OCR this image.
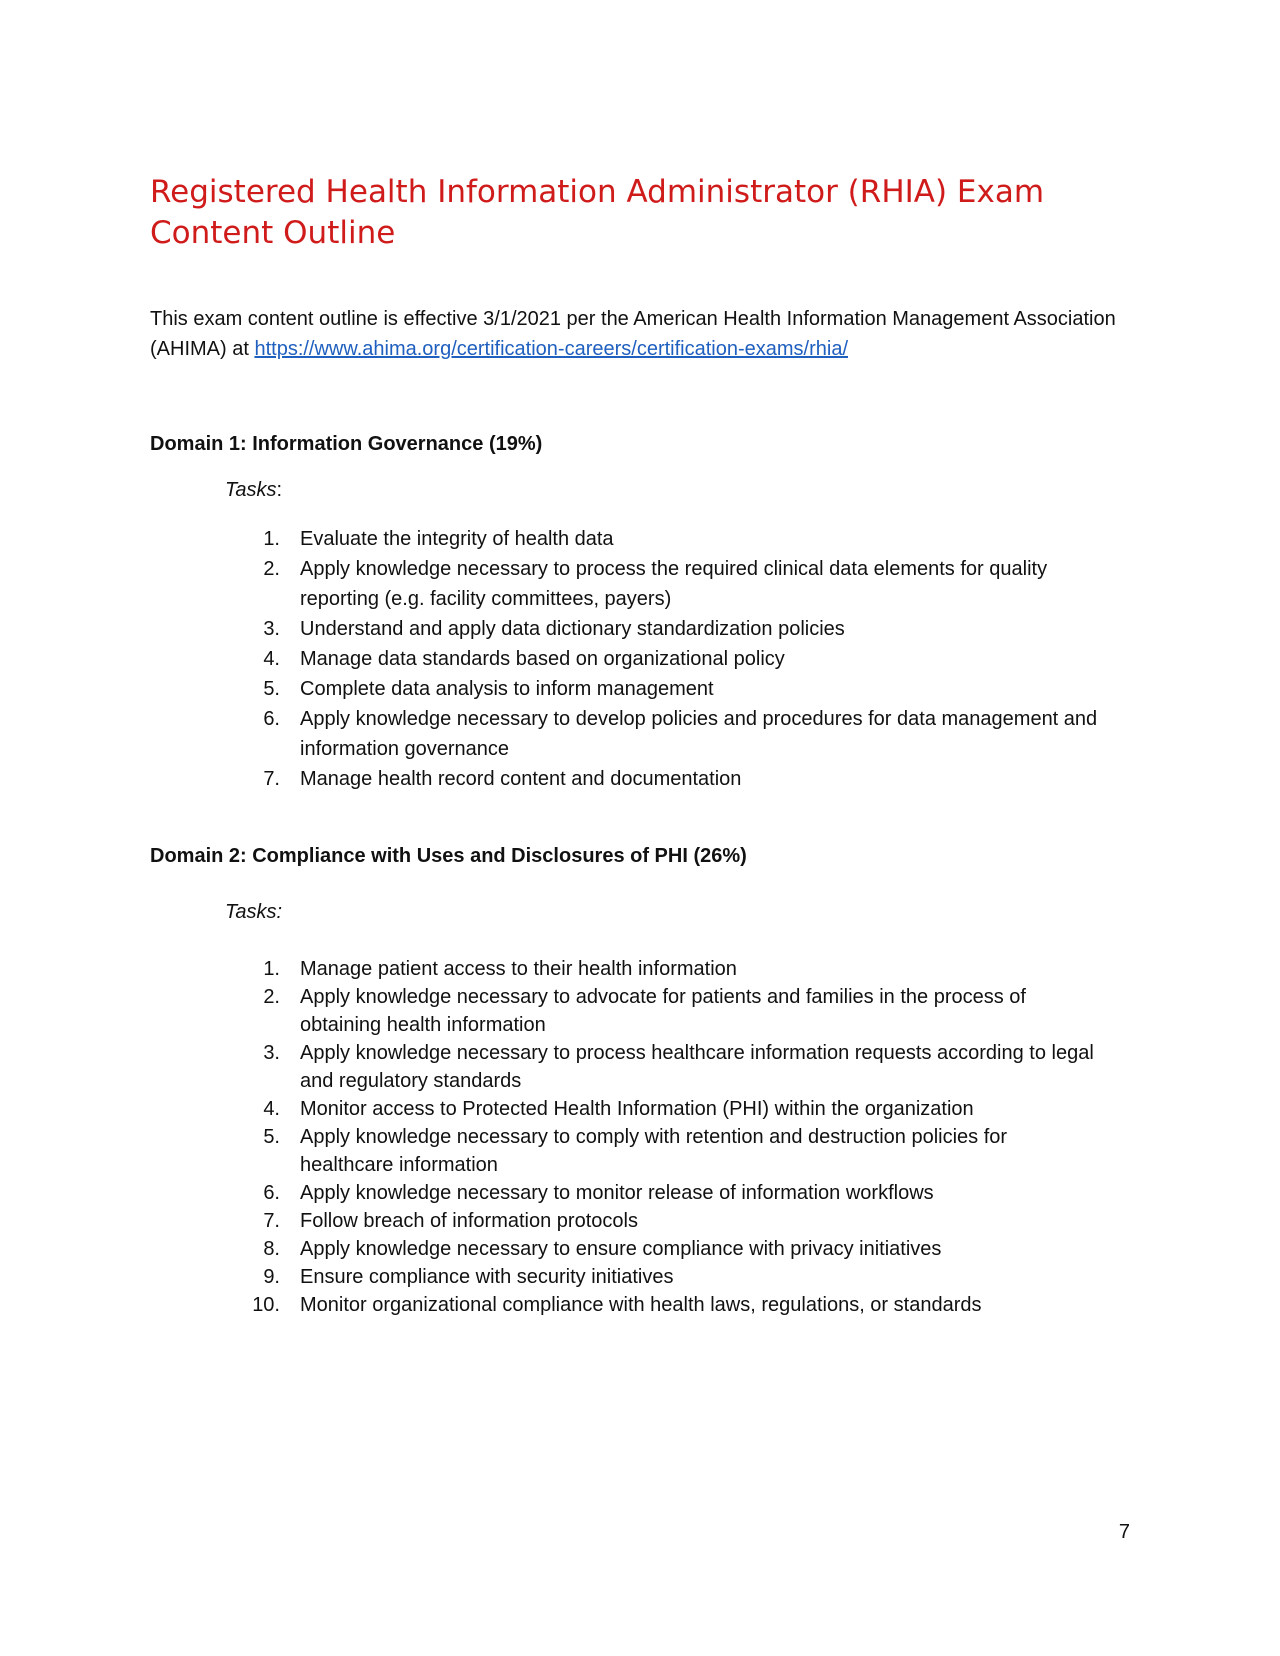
Registered Health Information Administrator (RHIA) Exam Content Outline

This exam content outline is effective 3/1/2021 per the American Health Information Management Association (AHIMA) at https://www.ahima.org/certification-careers/certification-exams/rhia/

Domain 1: Information Governance (19%)

Tasks:

1. Evaluate the integrity of health data
2. Apply knowledge necessary to process the required clinical data elements for quality reporting (e.g. facility committees, payers)
3. Understand and apply data dictionary standardization policies
4. Manage data standards based on organizational policy
5. Complete data analysis to inform management
6. Apply knowledge necessary to develop policies and procedures for data management and information governance
7. Manage health record content and documentation
Domain 2: Compliance with Uses and Disclosures of PHI (26%)

Tasks:

1. Manage patient access to their health information
2. Apply knowledge necessary to advocate for patients and families in the process of obtaining health information
3. Apply knowledge necessary to process healthcare information requests according to legal and regulatory standards
4. Monitor access to Protected Health Information (PHI) within the organization
5. Apply knowledge necessary to comply with retention and destruction policies for healthcare information
6. Apply knowledge necessary to monitor release of information workflows
7. Follow breach of information protocols
8. Apply knowledge necessary to ensure compliance with privacy initiatives
9. Ensure compliance with security initiatives
10. Monitor organizational compliance with health laws, regulations, or standards
7
